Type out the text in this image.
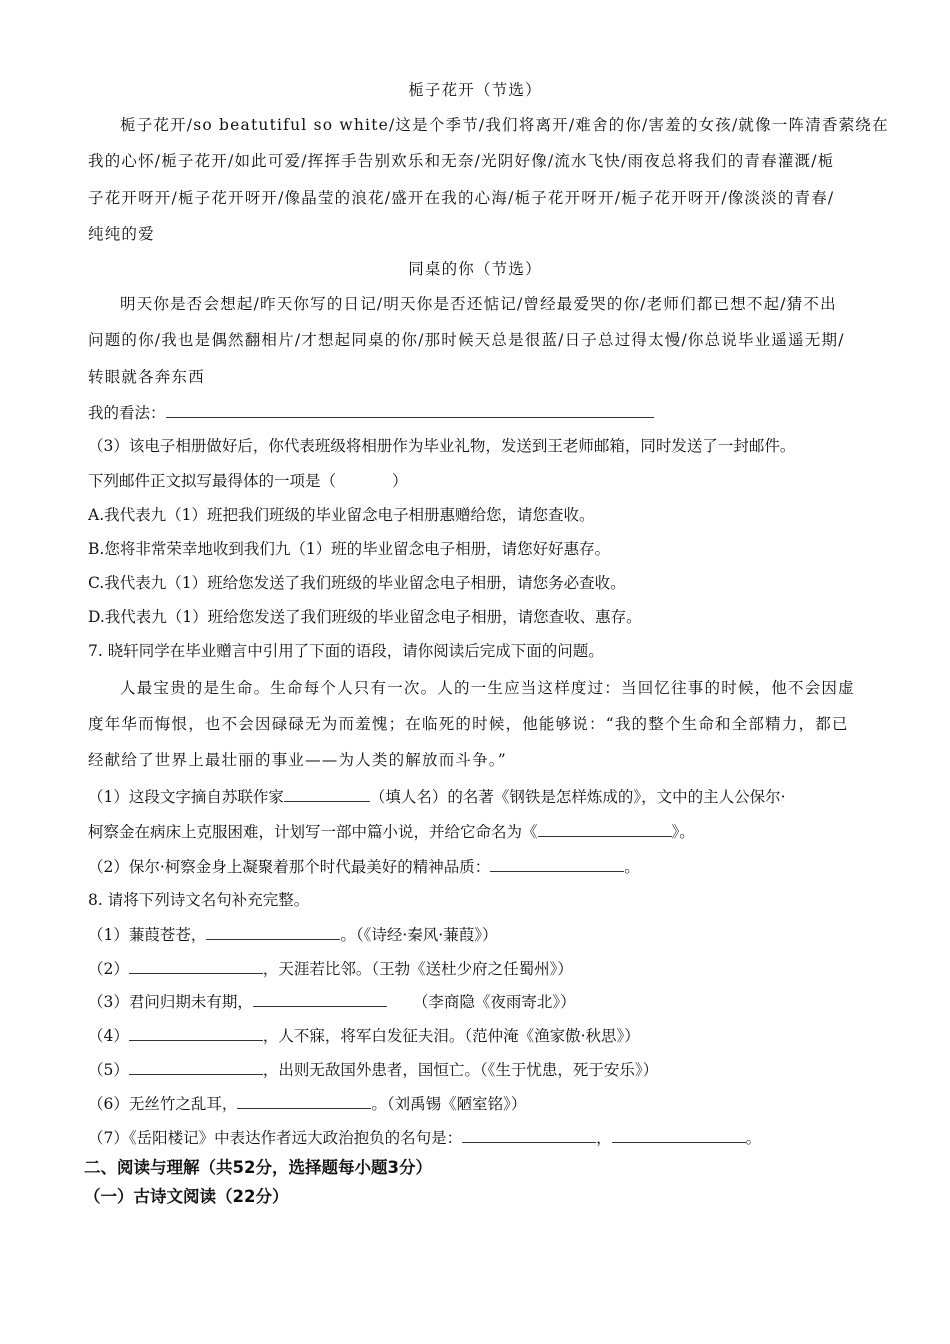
栀子花开（节选）
栀子花开/so beatutiful so white/这是个季节/我们将离开/难舍的你/害羞的女孩/就像一阵清香萦绕在
我的心怀/栀子花开/如此可爱/挥挥手告别欢乐和无奈/光阴好像/流水飞快/雨夜总将我们的青春灌溉/栀
子花开呀开/栀子花开呀开/像晶莹的浪花/盛开在我的心海/栀子花开呀开/栀子花开呀开/像淡淡的青春/
纯纯的爱
同桌的你（节选）
明天你是否会想起/昨天你写的日记/明天你是否还惦记/曾经最爱哭的你/老师们都已想不起/猜不出
问题的你/我也是偶然翻相片/才想起同桌的你/那时候天总是很蓝/日子总过得太慢/你总说毕业遥遥无期/
转眼就各奔东西
我的看法：
（3）该电子相册做好后，你代表班级将相册作为毕业礼物，发送到王老师邮箱，同时发送了一封邮件。
下列邮件正文拟写最得体的一项是（	）
A.我代表九（1）班把我们班级的毕业留念电子相册惠赠给您，请您查收。
B.您将非常荣幸地收到我们九（1）班的毕业留念电子相册，请您好好惠存。
C.我代表九（1）班给您发送了我们班级的毕业留念电子相册，请您务必查收。
D.我代表九（1）班给您发送了我们班级的毕业留念电子相册，请您查收、惠存。
7. 晓轩同学在毕业赠言中引用了下面的语段，请你阅读后完成下面的问题。
人最宝贵的是生命。生命每个人只有一次。人的一生应当这样度过：当回忆往事的时候，他不会因虚
度年华而悔恨，也不会因碌碌无为而羞愧；在临死的时候，他能够说：“我的整个生命和全部精力，都已
经献给了世界上最壮丽的事业——为人类的解放而斗争。”
（1）这段文字摘自苏联作家	（填人名）的名著《钢铁是怎样炼成的》，文中的主人公保尔·
柯察金在病床上克服困难，计划写一部中篇小说，并给它命名为《	》。
（2）保尔·柯察金身上凝聚着那个时代最美好的精神品质：	。
8. 请将下列诗文名句补充完整。
（1）蒹葭苍苍，	。（《诗经·秦风·蒹葭》）
（2）	，天涯若比邻。（王勃《送杜少府之任蜀州》）
（3）君问归期未有期，	（李商隐《夜雨寄北》）
（4）	，人不寐，将军白发征夫泪。（范仲淹《渔家傲·秋思》）
（5）	，出则无敌国外患者，国恒亡。（《生于忧患，死于安乐》）
（6）无丝竹之乱耳，	。（刘禹锡《陋室铭》）
（7）《岳阳楼记》中表达作者远大政治抱负的名句是：	，	。
二、阅读与理解（共52分，选择题每小题3分）
（一）古诗文阅读（22分）
